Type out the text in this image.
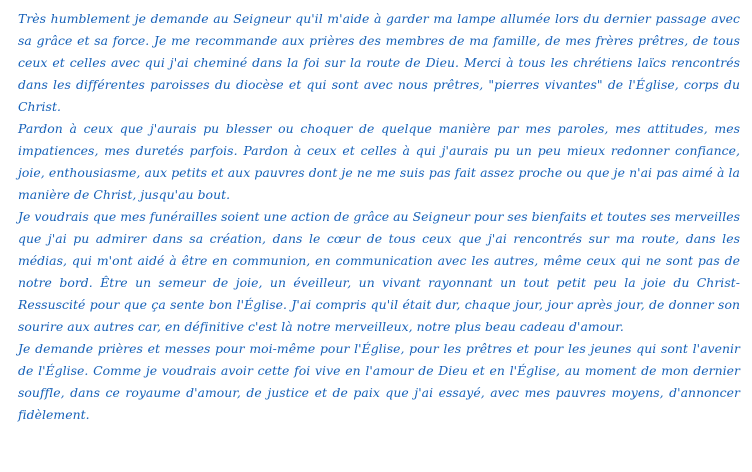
Très humblement je demande au Seigneur qu'il m'aide à garder ma lampe allumée lors du dernier passage avec sa grâce et sa force. Je me recommande aux prières des membres de ma famille, de mes frères prêtres, de tous ceux et celles avec qui j'ai cheminé dans la foi sur la route de Dieu. Merci à tous les chrétiens laïcs rencontrés dans les différentes paroisses du diocèse et qui sont avec nous prêtres, "pierres vivantes" de l'Église, corps du Christ.

Pardon à ceux que j'aurais pu blesser ou choquer de quelque manière par mes paroles, mes attitudes, mes impatiences, mes duretés parfois. Pardon à ceux et celles à qui j'aurais pu un peu mieux redonner confiance, joie, enthousiasme, aux petits et aux pauvres dont je ne me suis pas fait assez proche ou que je n'ai pas aimé à la manière de Christ, jusqu'au bout.

Je voudrais que mes funérailles soient une action de grâce au Seigneur pour ses bienfaits et toutes ses merveilles que j'ai pu admirer dans sa création, dans le cœur de tous ceux que j'ai rencontrés sur ma route, dans les médias, qui m'ont aidé à être en communion, en communication avec les autres, même ceux qui ne sont pas de notre bord. Être un semeur de joie, un éveilleur, un vivant rayonnant un tout petit peu la joie du Christ-Ressuscité pour que ça sente bon l'Église. J'ai compris qu'il était dur, chaque jour, jour après jour, de donner son sourire aux autres car, en définitive c'est là notre merveilleux, notre plus beau cadeau d'amour.

Je demande prières et messes pour moi-même pour l'Église, pour les prêtres et pour les jeunes qui sont l'avenir de l'Église. Comme je voudrais avoir cette foi vive en l'amour de Dieu et en l'Église, au moment de mon dernier souffle, dans ce royaume d'amour, de justice et de paix que j'ai essayé, avec mes pauvres moyens, d'annoncer fidèlement.
